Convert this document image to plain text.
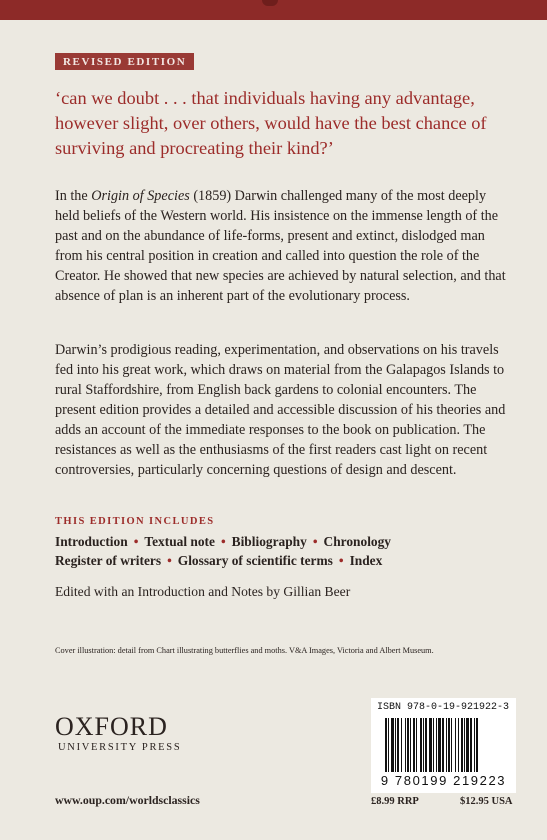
REVISED EDITION
‘can we doubt . . . that individuals having any advantage, however slight, over others, would have the best chance of surviving and procreating their kind?’

In the Origin of Species (1859) Darwin challenged many of the most deeply held beliefs of the Western world. His insistence on the immense length of the past and on the abundance of life-forms, present and extinct, dislodged man from his central position in creation and called into question the role of the Creator. He showed that new species are achieved by natural selection, and that absence of plan is an inherent part of the evolutionary process.

Darwin’s prodigious reading, experimentation, and observations on his travels fed into his great work, which draws on material from the Galapagos Islands to rural Staffordshire, from English back gardens to colonial encounters. The present edition provides a detailed and accessible discussion of his theories and adds an account of the immediate responses to the book on publication. The resistances as well as the enthusiasms of the first readers cast light on recent controversies, particularly concerning questions of design and descent.

THIS EDITION INCLUDES
Introduction • Textual note • Bibliography • Chronology
Register of writers • Glossary of scientific terms • Index
Edited with an Introduction and Notes by Gillian Beer
Cover illustration: detail from Chart illustrating butterflies and moths. V&A Images, Victoria and Albert Museum.
OXFORD
UNIVERSITY PRESS
www.oup.com/worldsclassics
ISBN 978-0-19-921922-3
9 780199 219223
£8.99 RRP	$12.95 USA
